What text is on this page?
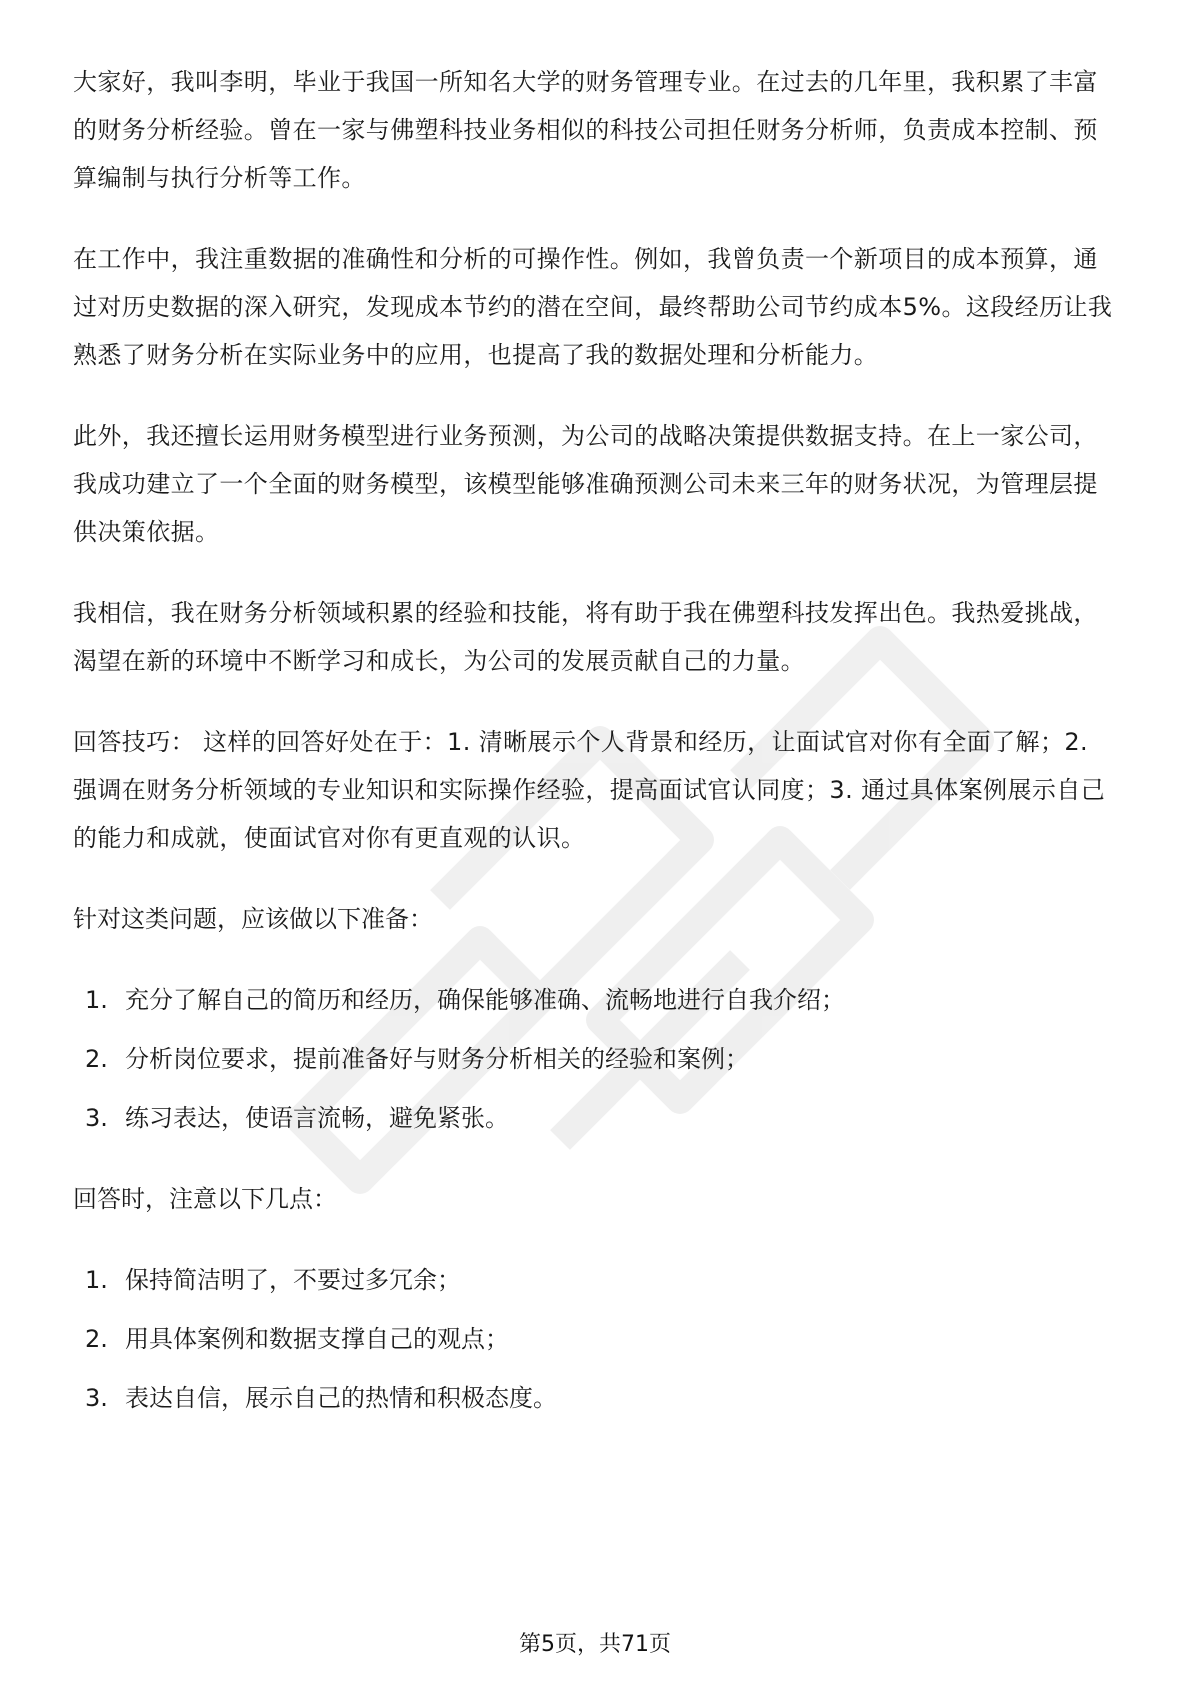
大家好，我叫李明，毕业于我国一所知名大学的财务管理专业。在过去的几年里，我积累了丰富的财务分析经验。曾在一家与佛塑科技业务相似的科技公司担任财务分析师，负责成本控制、预算编制与执行分析等工作。

在工作中，我注重数据的准确性和分析的可操作性。例如，我曾负责一个新项目的成本预算，通过对历史数据的深入研究，发现成本节约的潜在空间，最终帮助公司节约成本5%。这段经历让我熟悉了财务分析在实际业务中的应用，也提高了我的数据处理和分析能力。

此外，我还擅长运用财务模型进行业务预测，为公司的战略决策提供数据支持。在上一家公司，我成功建立了一个全面的财务模型，该模型能够准确预测公司未来三年的财务状况，为管理层提供决策依据。

我相信，我在财务分析领域积累的经验和技能，将有助于我在佛塑科技发挥出色。我热爱挑战，渴望在新的环境中不断学习和成长，为公司的发展贡献自己的力量。

回答技巧： 这样的回答好处在于：1. 清晰展示个人背景和经历，让面试官对你有全面了解；2. 强调在财务分析领域的专业知识和实际操作经验，提高面试官认同度；3. 通过具体案例展示自己的能力和成就，使面试官对你有更直观的认识。

针对这类问题，应该做以下准备：

1. 充分了解自己的简历和经历，确保能够准确、流畅地进行自我介绍；
2. 分析岗位要求，提前准备好与财务分析相关的经验和案例；
3. 练习表达，使语言流畅，避免紧张。

回答时，注意以下几点：

1. 保持简洁明了，不要过多冗余；
2. 用具体案例和数据支撑自己的观点；
3. 表达自信，展示自己的热情和积极态度。
第5页，共71页
